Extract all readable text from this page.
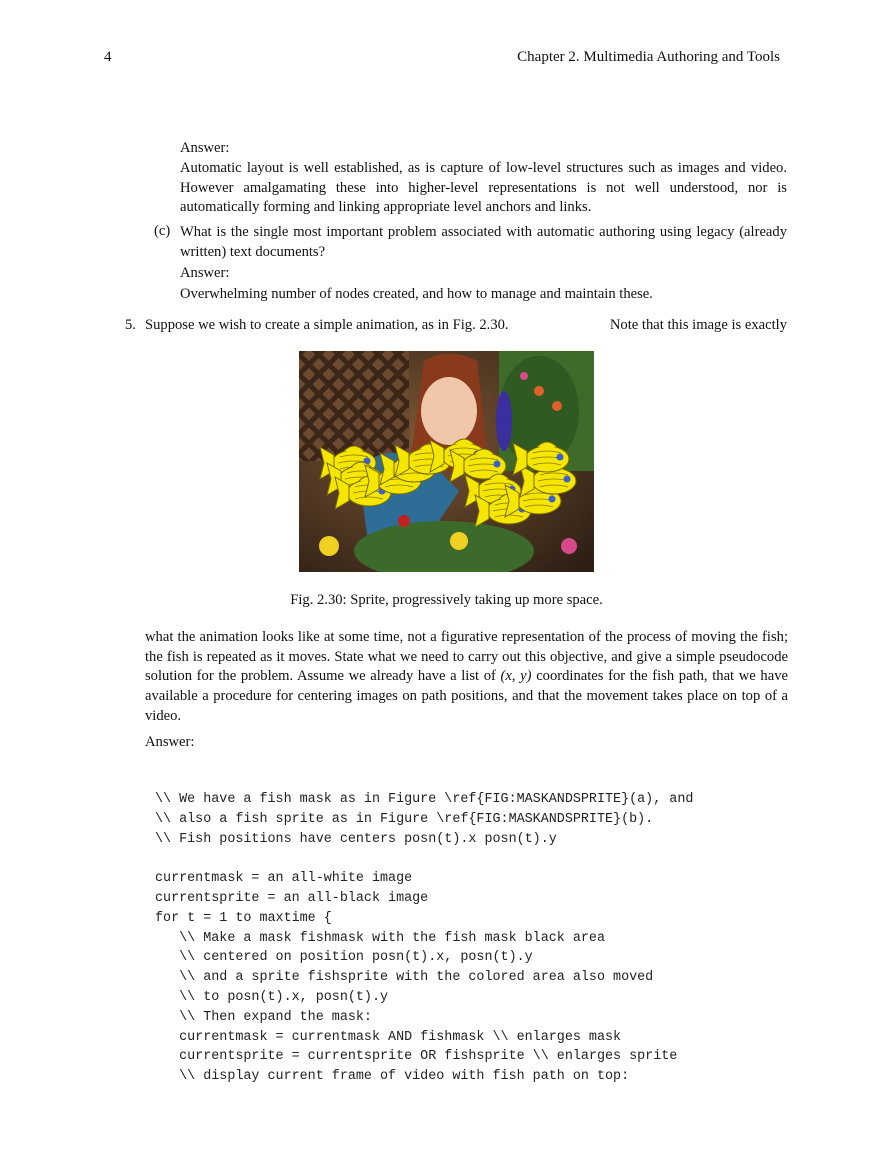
4	Chapter 2. Multimedia Authoring and Tools
Answer:
Automatic layout is well established, as is capture of low-level structures such as images and video. However amalgamating these into higher-level representations is not well understood, nor is automatically forming and linking appropriate level anchors and links.
(c) What is the single most important problem associated with automatic authoring using legacy (already written) text documents?
Answer:
Overwhelming number of nodes created, and how to manage and maintain these.
5. Suppose we wish to create a simple animation, as in Fig. 2.30.	Note that this image is exactly
Fig. 2.30: Sprite, progressively taking up more space.
what the animation looks like at some time, not a figurative representation of the process of moving the fish; the fish is repeated as it moves. State what we need to carry out this objective, and give a simple pseudocode solution for the problem. Assume we already have a list of (x, y) coordinates for the fish path, that we have available a procedure for centering images on path positions, and that the movement takes place on top of a video.
Answer:
\\ We have a fish mask as in Figure \ref{FIG:MASKANDSPRITE}(a), and
\\ also a fish sprite as in Figure \ref{FIG:MASKANDSPRITE}(b).
\\ Fish positions have centers posn(t).x posn(t).y
currentmask = an all-white image
currentsprite = an all-black image
for t = 1 to maxtime {
\\ Make a mask fishmask with the fish mask black area
\\ centered on position posn(t).x, posn(t).y
\\ and a sprite fishsprite with the colored area also moved
\\ to posn(t).x, posn(t).y
\\ Then expand the mask:
currentmask = currentmask AND fishmask \\ enlarges mask
currentsprite = currentsprite OR fishsprite \\ enlarges sprite
\\ display current frame of video with fish path on top:
